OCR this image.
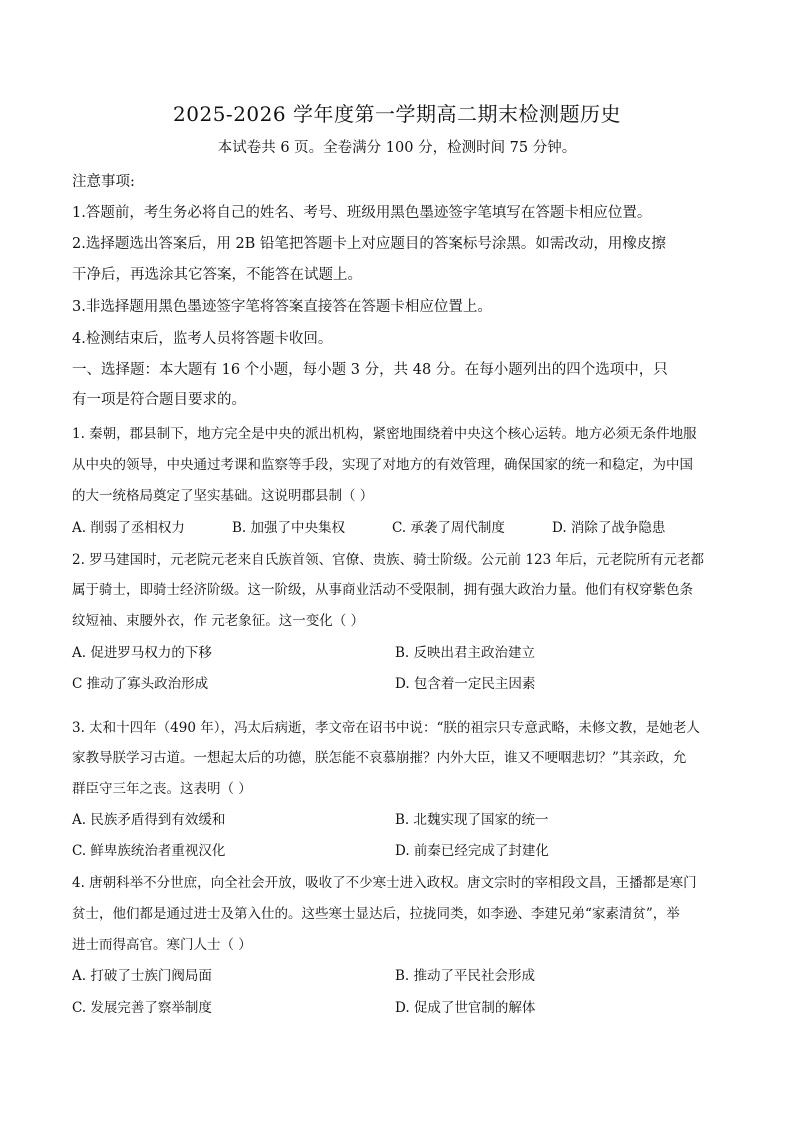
2025-2026 学年度第一学期高二期末检测题历史
本试卷共 6 页。全卷满分 100 分，检测时间 75 分钟。
注意事项:
1.答题前，考生务必将自己的姓名、考号、班级用黑色墨迹签字笔填写在答题卡相应位置。
2.选择题选出答案后，用 2B 铅笔把答题卡上对应题目的答案标号涂黑。如需改动，用橡皮擦
干净后，再选涂其它答案，不能答在试题上。
3.非选择题用黑色墨迹签字笔将答案直接答在答题卡相应位置上。
4.检测结束后，监考人员将答题卡收回。
一、选择题：本大题有 16 个小题，每小题 3 分，共 48 分。在每小题列出的四个选项中，只
有一项是符合题目要求的。
1. 秦朝，郡县制下，地方完全是中央的派出机构，紧密地围绕着中央这个核心运转。地方必须无条件地服
从中央的领导，中央通过考课和监察等手段，实现了对地方的有效管理，确保国家的统一和稳定，为中国
的大一统格局奠定了坚实基础。这说明郡县制（ ）
A. 削弱了丞相权力	B. 加强了中央集权	C. 承袭了周代制度	D. 消除了战争隐患
2. 罗马建国时，元老院元老来自氏族首领、官僚、贵族、骑士阶级。公元前 123 年后，元老院所有元老都
属于骑士，即骑士经济阶级。这一阶级，从事商业活动不受限制，拥有强大政治力量。他们有权穿紫色条
纹短袖、束腰外衣，作 元老象征。这一变化（ ）
A. 促进罗马权力的下移	B. 反映出君主政治建立
C 推动了寡头政治形成	D. 包含着一定民主因素
3. 太和十四年（490 年），冯太后病逝，孝文帝在诏书中说：“朕的祖宗只专意武略，未修文教，是她老人
家教导朕学习古道。一想起太后的功德，朕怎能不哀慕崩摧？内外大臣，谁又不哽咽悲切？”其亲政，允
群臣守三年之丧。这表明（ ）
A. 民族矛盾得到有效缓和	B. 北魏实现了国家的统一
C. 鲜卑族统治者重视汉化	D. 前秦已经完成了封建化
4. 唐朝科举不分世庶，向全社会开放，吸收了不少寒士进入政权。唐文宗时的宰相段文昌，王播都是寒门
贫士，他们都是通过进士及第入仕的。这些寒士显达后，拉拢同类，如李逊、李建兄弟“家素清贫”，举
进士而得高官。寒门人士（ ）
A. 打破了士族门阀局面	B. 推动了平民社会形成
C. 发展完善了察举制度	D. 促成了世官制的解体
